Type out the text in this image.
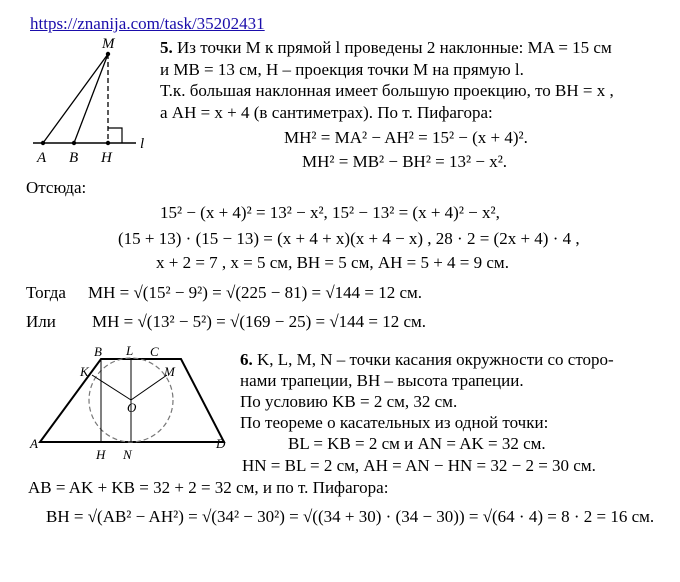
https://znanija.com/task/35202431
M
A B H
l
5. Из точки M к прямой l проведены 2 наклонные: MA = 15 см
и MB = 13 см, H – проекция точки M на прямую l.
Т.к. большая наклонная имеет большую проекцию, то BH = x ,
а AH = x + 4 (в сантиметрах). По т. Пифагора:
MH² = MA² − AH² = 15² − (x + 4)².
MH² = MB² − BH² = 13² − x².
Отсюда:
15² − (x + 4)² = 13² − x², 15² − 13² = (x + 4)² − x²,
(15 + 13) · (15 − 13) = (x + 4 + x)(x + 4 − x) , 28 · 2 = (2x + 4) · 4 ,
x + 2 = 7 , x = 5 см, BH = 5 см, AH = 5 + 4 = 9 см.
Тогда MH = √(15² − 9²) = √(225 − 81) = √144 = 12 см.
Или MH = √(13² − 5²) = √(169 − 25) = √144 = 12 см.
B L C
K	M
O
A	D
H N
6. K, L, M, N – точки касания окружности со сторо-
нами трапеции, BH – высота трапеции.
По условию KB = 2 см, 32 см.
По теореме о касательных из одной точки:
BL = KB = 2 см и AN = AK = 32 см.
HN = BL = 2 см, AH = AN − HN = 32 − 2 = 30 см.
AB = AK + KB = 32 + 2 = 32 см, и по т. Пифагора:
BH = √(AB² − AH²) = √(34² − 30²) = √((34 + 30) · (34 − 30)) = √(64 · 4) = 8 · 2 = 16 см.
